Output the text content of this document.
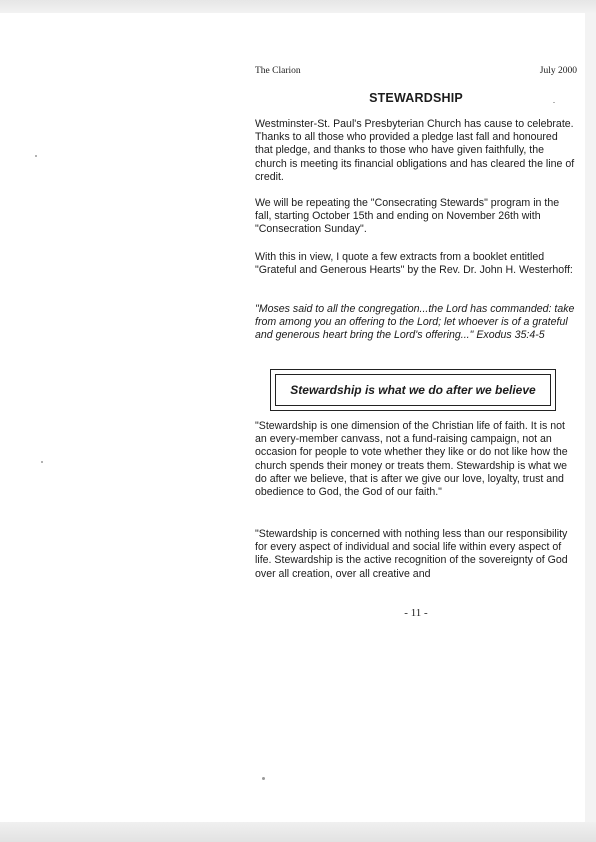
The Clarion	July 2000
STEWARDSHIP
Westminster-St. Paul's Presbyterian Church has cause to celebrate. Thanks to all those who provided a pledge last fall and honoured that pledge, and thanks to those who have given faithfully, the church is meeting its financial obligations and has cleared the line of credit.
We will be repeating the "Consecrating Stewards" program in the fall, starting October 15th and ending on November 26th with "Consecration Sunday".
With this in view, I quote a few extracts from a booklet entitled "Grateful and Generous Hearts" by the Rev. Dr. John H. Westerhoff:
"Moses said to all the congregation...the Lord has commanded: take from among you an offering to the Lord; let whoever is of a grateful and generous heart bring the Lord's offering..." Exodus 35:4-5
Stewardship is what we do after we believe
"Stewardship is one dimension of the Christian life of faith. It is not an every-member canvass, not a fund-raising campaign, not an occasion for people to vote whether they like or do not like how the church spends their money or treats them. Stewardship is what we do after we believe, that is after we give our love, loyalty, trust and obedience to God, the God of our faith."
"Stewardship is concerned with nothing less than our responsibility for every aspect of individual and social life within every aspect of life. Stewardship is the active recognition of the sovereignty of God over all creation, over all creative and
- 11 -
